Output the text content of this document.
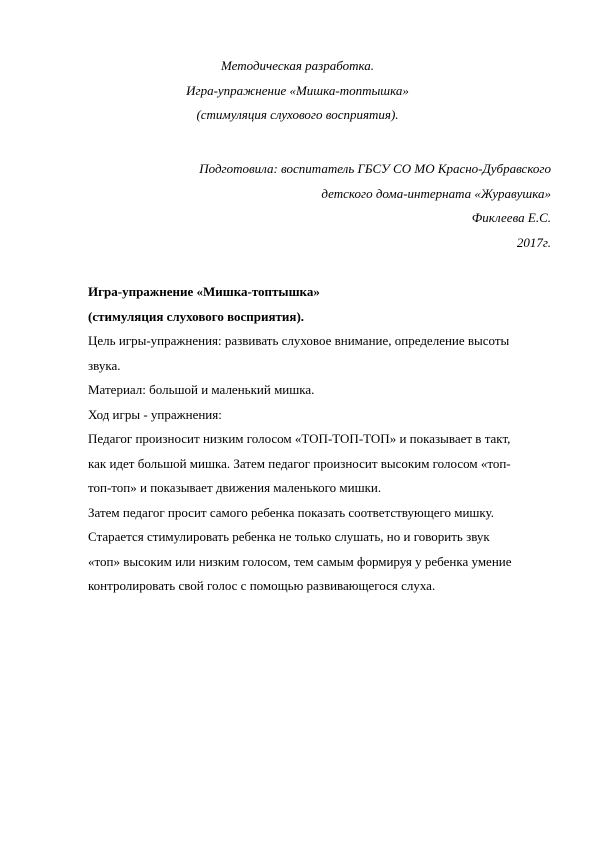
Методическая разработка.
Игра-упражнение «Мишка-топтышка»
(стимуляция слухового восприятия).
Подготовила: воспитатель ГБСУ СО МО Красно-Дубравского
детского дома-интерната «Журавушка»
Фиклеева Е.С.
2017г.
Игра-упражнение «Мишка-топтышка»
(стимуляция слухового восприятия).
Цель игры-упражнения: развивать слуховое внимание, определение высоты
звука.
Материал: большой и маленький мишка.
Ход игры - упражнения:
Педагог произносит низким голосом «ТОП-ТОП-ТОП» и показывает в такт,
как идет большой мишка. Затем педагог произносит высоким голосом «топ-
топ-топ» и показывает движения маленького мишки.
Затем педагог просит самого ребенка показать соответствующего мишку.
Старается стимулировать ребенка не только слушать, но и говорить звук
«топ» высоким или низким голосом, тем самым формируя у ребенка умение
контролировать свой голос с помощью развивающегося слуха.
